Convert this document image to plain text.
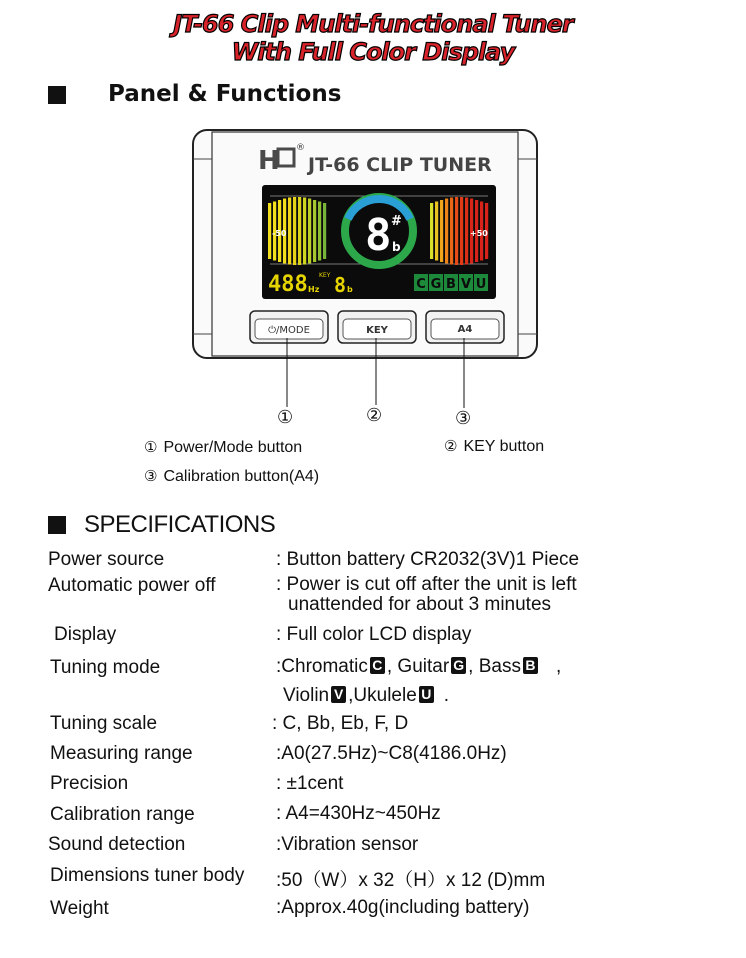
JT-66 Clip Multi-functional Tuner
With Full Color Display
Panel & Functions
H ®
JT-66 CLIP TUNER
-50	+50
8 #
b
488 Hz
KEY 8 b	C G B V U
⏻/MODE	KEY	A4
①	②	③
① Power/Mode button	② KEY button
③ Calibration button(A4)
SPECIFICATIONS
Power source	: Button battery CR2032(3V)1 Piece
Automatic power off	: Power is cut off after the unit is left
unattended for about 3 minutes
Display	: Full color LCD display
Tuning mode	:Chromatic C , Guitar G , Bass B ,
Violin V ,Ukulele U .
Tuning scale	: C, Bb, Eb, F, D
Measuring range	:A0(27.5Hz)~C8(4186.0Hz)
Precision	: ±1cent
Calibration range	: A4=430Hz~450Hz
Sound detection	:Vibration sensor
Dimensions tuner body :50（W）x 32（H）x 12 (D)mm
Weight	:Approx.40g(including battery)
